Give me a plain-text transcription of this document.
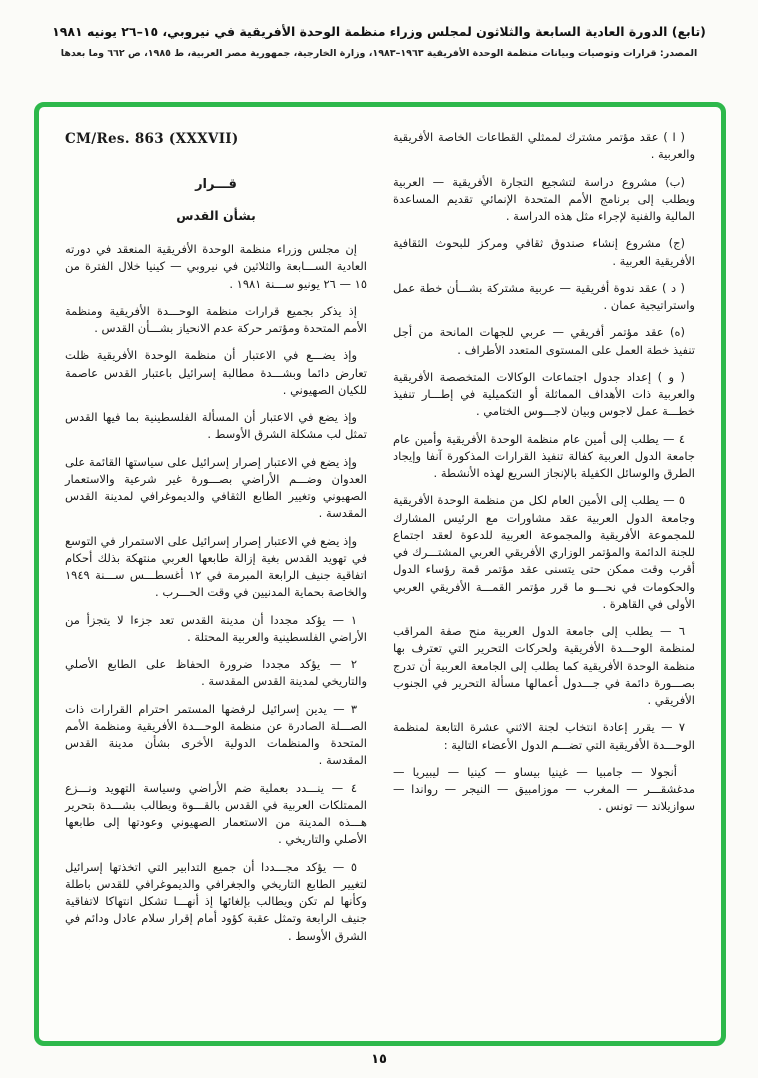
(تابع) الدورة العادية السابعة والثلاثون لمجلس وزراء منظمة الوحدة الأفريقية في نيروبي، ١٥–٢٦ يونيه ١٩٨١
المصدر: قرارات وتوصيات وبيانات منظمة الوحدة الأفريقية ١٩٦٣–١٩٨٣، وزارة الخارجية، جمهورية مصر العربية، ط ١٩٨٥، ص ٦٦٢ وما بعدها

( ا ) عقد مؤتمر مشترك لممثلي القطاعات الخاصة الأفريقية والعربية .

(ب) مشروع دراسة لتشجيع التجارة الأفريقية — العربية ويطلب إلى برنامج الأمم المتحدة الإنمائي تقديم المساعدة المالية والفنية لإجراء مثل هذه الدراسة .

(ج) مشروع إنشاء صندوق ثقافي ومركز للبحوث الثقافية الأفريقية العربية .

( د ) عقد ندوة أفريقية — عربية مشتركة بشـــأن خطة عمل واستراتيجية عمان .

(ه) عقد مؤتمر أفريقي — عربي للجهات المانحة من أجل تنفيذ خطة العمل على المستوى المتعدد الأطراف .

( و ) إعداد جدول اجتماعات الوكالات المتخصصة الأفريقية والعربية ذات الأهداف المماثلة أو التكميلية في إطـــار تنفيذ خطـــة عمل لاجوس وبيان لاجـــوس الختامي .

٤ — يطلب إلى أمين عام منظمة الوحدة الأفريقية وأمين عام جامعة الدول العربية كفالة تنفيذ القرارات المذكورة آنفا وإيجاد الطرق والوسائل الكفيلة بالإنجاز السريع لهذه الأنشطة .

٥ — يطلب إلى الأمين العام لكل من منظمة الوحدة الأفريقية وجامعة الدول العربية عقد مشاورات مع الرئيس المشارك للمجموعة الأفريقية والمجموعة العربية للدعوة لعقد اجتماع للجنة الدائمة والمؤتمر الوزاري الأفريقي العربي المشتـــرك في أقرب وقت ممكن حتى يتسنى عقد مؤتمر قمة رؤساء الدول والحكومات في نحـــو ما قرر مؤتمر القمـــة الأفريقي العربي الأولى في القاهرة .

٦ — يطلب إلى جامعة الدول العربية منح صفة المراقب لمنظمة الوحـــدة الأفريقية ولحركات التحرير التي تعترف بها منظمة الوحدة الأفريقية كما يطلب إلى الجامعة العربية أن تدرج بصـــورة دائمة في جـــدول أعمالها مسألة التحرير في الجنوب الأفريقي .

٧ — يقرر إعادة انتخاب لجنة الاثني عشرة التابعة لمنظمة الوحـــدة الأفريقية التي تضـــم الدول الأعضاء التالية :

أنجولا — جامبيا — غينيا بيساو — كينيا — ليبيريا — مدغشقـــر — المغرب — موزامبيق — النيجر — رواندا — سوازيلاند — تونس .

CM/Res. 863 (XXXVII)
قـــرار
بشأن القدس

إن مجلس وزراء منظمة الوحدة الأفريقية المنعقد في دورته العادية الســـابعة والثلاثين في نيروبي — كينيا خلال الفترة من ١٥ — ٢٦ يونيو ســـنة ١٩٨١ .

إذ يذكر بجميع قرارات منظمة الوحـــدة الأفريقية ومنظمة الأمم المتحدة ومؤتمر حركة عدم الانحياز بشـــأن القدس .

وإذ يضـــع في الاعتبار أن منظمة الوحدة الأفريقية ظلت تعارض دائما وبشـــدة مطالبة إسرائيل باعتبار القدس عاصمة للكيان الصهيوني .

وإذ يضع في الاعتبار أن المسألة الفلسطينية بما فيها القدس تمثل لب مشكلة الشرق الأوسط .

وإذ يضع في الاعتبار إصرار إسرائيل على سياستها القائمة على العدوان وضـــم الأراضي بصـــورة غير شرعية والاستعمار الصهيوني وتغيير الطابع الثقافي والديموغرافي لمدينة القدس المقدسة .

وإذ يضع في الاعتبار إصرار إسرائيل على الاستمرار في التوسع في تهويد القدس بغية إزالة طابعها العربي منتهكة بذلك أحكام اتفاقية جنيف الرابعة المبرمة في ١٢ أغسطـــس ســـنة ١٩٤٩ والخاصة بحماية المدنيين في وقت الحـــرب .

١ — يؤكد مجددا أن مدينة القدس تعد جزءا لا يتجزأ من الأراضي الفلسطينية والعربية المحتلة .

٢ — يؤكد مجددا ضرورة الحفاظ على الطابع الأصلي والتاريخي لمدينة القدس المقدسة .

٣ — يدين إسرائيل لرفضها المستمر احترام القرارات ذات الصـــلة الصادرة عن منظمة الوحـــدة الأفريقية ومنظمة الأمم المتحدة والمنظمات الدولية الأخرى بشأن مدينة القدس المقدسة .

٤ — ينـــدد بعملية ضم الأراضي وسياسة التهويد ونـــزع الممتلكات العربية في القدس بالقـــوة ويطالب بشـــدة بتحرير هـــذه المدينة من الاستعمار الصهيوني وعودتها إلى طابعها الأصلي والتاريخي .

٥ — يؤكد مجـــددا أن جميع التدابير التي اتخذتها إسرائيل لتغيير الطابع التاريخي والجغرافي والديموغرافي للقدس باطلة وكأنها لم تكن ويطالب بإلغائها إذ أنهـــا تشكل انتهاكا لاتفاقية جنيف الرابعة وتمثل عقبة كؤود أمام إقرار سلام عادل ودائم في الشرق الأوسط .

١٥
